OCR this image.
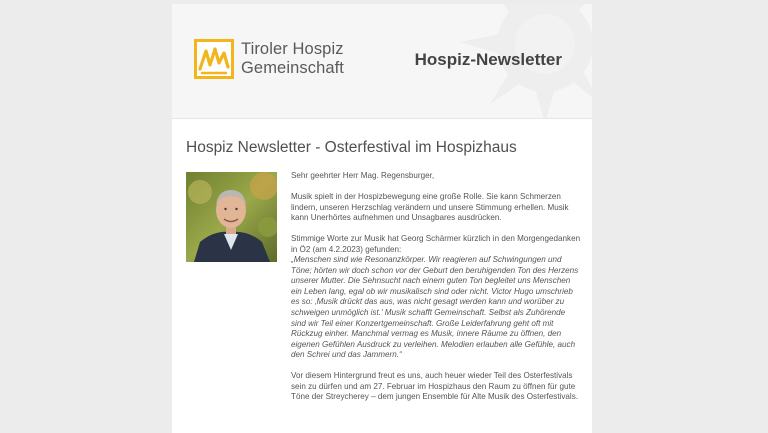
Tiroler Hospiz
Gemeinschaft	Hospiz-Newsletter
Hospiz Newsletter - Osterfestival im Hospizhaus

Sehr geehrter Herr Mag. Regensburger,

Musik spielt in der Hospizbewegung eine große Rolle. Sie kann Schmerzen lindern, unseren Herzschlag verändern und unsere Stimmung erhellen. Musik kann Unerhörtes aufnehmen und Unsagbares ausdrücken.

Stimmige Worte zur Musik hat Georg Schärmer kürzlich in den Morgengedanken in Ö2 (am 4.2.2023) gefunden:

„Menschen sind wie Resonanzkörper. Wir reagieren auf Schwingungen und Töne; hörten wir doch schon vor der Geburt den beruhigenden Ton des Herzens unserer Mutter. Die Sehnsucht nach einem guten Ton begleitet uns Menschen ein Leben lang, egal ob wir musikalisch sind oder nicht. Victor Hugo umschrieb es so: ‚Musik drückt das aus, was nicht gesagt werden kann und worüber zu schweigen unmöglich ist.' Musik schafft Gemeinschaft. Selbst als Zuhörende sind wir Teil einer Konzertgemeinschaft. Große Leiderfahrung geht oft mit Rückzug einher. Manchmal vermag es Musik, innere Räume zu öffnen, den eigenen Gefühlen Ausdruck zu verleihen. Melodien erlauben alle Gefühle, auch den Schrei und das Jammern.“

Vor diesem Hintergrund freut es uns, auch heuer wieder Teil des Osterfestivals sein zu dürfen und am 27. Februar im Hospizhaus den Raum zu öffnen für gute Töne der Streycherey – dem jungen Ensemble für Alte Musik des Osterfestivals.
